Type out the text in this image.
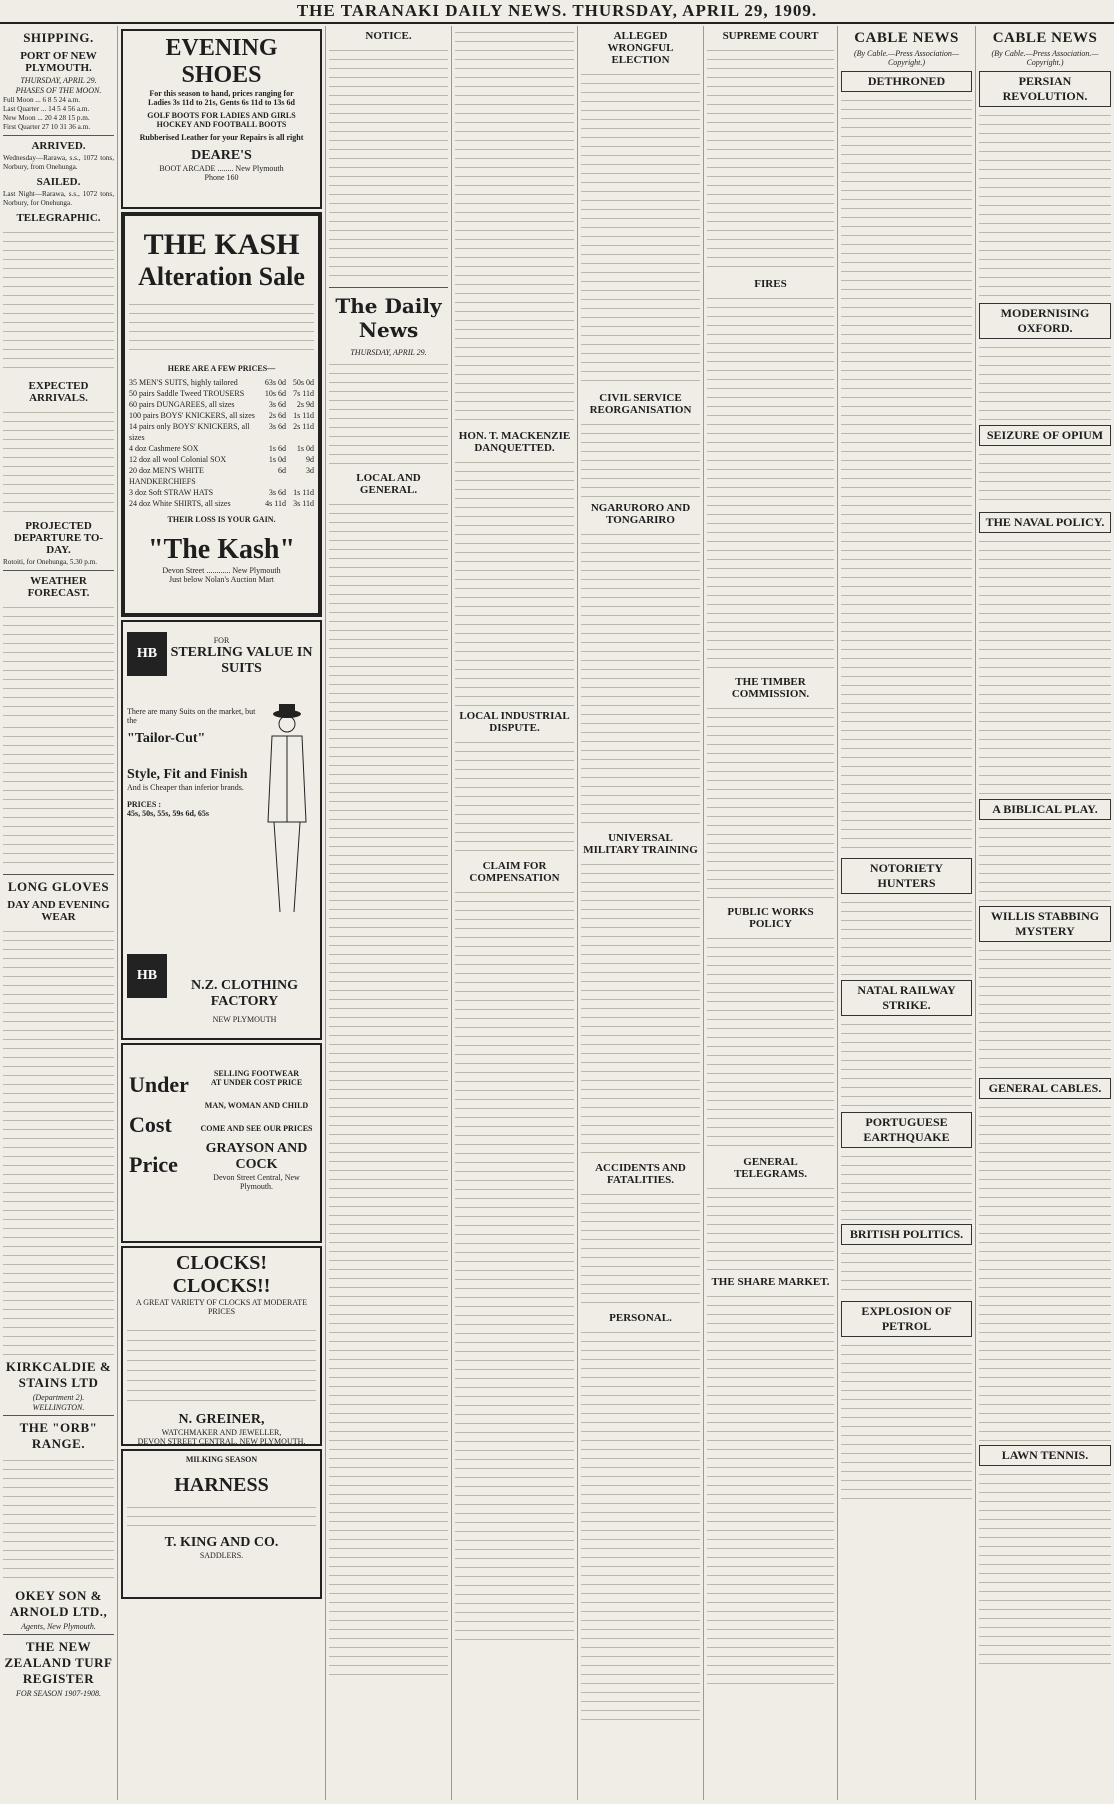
THE TARANAKI DAILY NEWS. THURSDAY, APRIL 29, 1909.
SHIPPING.
PORT OF NEW PLYMOUTH.
THURSDAY, APRIL 29.
PHASES OF THE MOON.
Full Moon ... 6 8 5 24 a.m.
Last Quarter ... 14 5 4 56 a.m.
New Moon ... 20 4 28 15 p.m.
First Quarter 27 10 31 36 a.m.
ARRIVED.
Wednesday—Rarawa, s.s., 1072 tons, Norbury, from Onehunga.
SAILED.
Last Night—Rarawa, s.s., 1072 tons, Norbury, for Onehunga.
TELEGRAPHIC.
EXPECTED ARRIVALS.
PROJECTED DEPARTURE TO-DAY.
Rotoiti, for Onehunga, 5.30 p.m.
WEATHER FORECAST.
LONG GLOVES
DAY AND EVENING WEAR
KIRKCALDIE & STAINS LTD
(Department 2).
WELLINGTON.
THE "ORB" RANGE.
OKEY SON & ARNOLD LTD.,
Agents, New Plymouth.
THE NEW ZEALAND TURF REGISTER
FOR SEASON 1907-1908.
EVENING SHOES
For this season to hand, prices ranging for
Ladies 3s 11d to 21s, Gents 6s 11d to 13s 6d
GOLF BOOTS FOR LADIES AND GIRLS
HOCKEY AND FOOTBALL BOOTS
Rubberised Leather for your Repairs is all right
DEARE'S
BOOT ARCADE ........ New Plymouth
Phone 160
THE KASH
Alteration Sale
HERE ARE A FEW PRICES—
35 MEN'S SUITS, highly tailored	63s 0d 50s 0d
50 pairs Saddle Tweed TROUSERS	10s 6d 7s 11d
60 pairs DUNGAREES, all sizes	3s 6d	2s 9d
100 pairs BOYS' KNICKERS, all sizes	2s 6d 1s 11d
14 pairs only BOYS' KNICKERS, all sizes
3s 6d 2s 11d
4 doz Cashmere SOX	1s 6d	1s 0d
12 doz all wool Colonial SOX	1s 0d	9d
20 doz MEN'S WHITE HANDKERCHIEFS
6d	3d
3 doz Soft STRAW HATS	3s 6d 1s 11d
24 doz White SHIRTS, all sizes	4s 11d 3s 11d
THEIR LOSS IS YOUR GAIN.
"The Kash"
Devon Street ............ New Plymouth
Just below Nolan's Auction Mart
HB
FOR
STERLING VALUE IN SUITS
There are many Suits on the market, but the
"Tailor-Cut"
Style, Fit and Finish
And is Cheaper than inferior brands.
PRICES :
45s, 50s, 55s, 59s 6d, 65s
HB
N.Z. CLOTHING FACTORY
NEW PLYMOUTH
Under
Cost
Price
SELLING FOOTWEAR
AT UNDER COST PRICE
MAN, WOMAN AND CHILD
COME AND SEE OUR PRICES
GRAYSON AND COCK
Devon Street Central, New Plymouth.
CLOCKS! CLOCKS!!
A GREAT VARIETY OF CLOCKS AT MODERATE PRICES
N. GREINER,
WATCHMAKER AND JEWELLER,
DEVON STREET CENTRAL, NEW PLYMOUTH.
MILKING SEASON
HARNESS
T. KING AND CO.
SADDLERS.
NOTICE.
The Daily News
THURSDAY, APRIL 29.
LOCAL AND GENERAL.
HON. T. MACKENZIE DANQUETTED.
LOCAL INDUSTRIAL DISPUTE.
CLAIM FOR COMPENSATION
ALLEGED WRONGFUL ELECTION
CIVIL SERVICE REORGANISATION
NGARURORO AND TONGARIRO
UNIVERSAL MILITARY TRAINING
ACCIDENTS AND FATALITIES.
PERSONAL.
SUPREME COURT
FIRES
THE TIMBER COMMISSION.
PUBLIC WORKS POLICY
GENERAL TELEGRAMS.
THE SHARE MARKET.
CABLE NEWS
(By Cable.—Press Association—Copyright.)
DETHRONED
NOTORIETY HUNTERS
NATAL RAILWAY STRIKE.
PORTUGUESE EARTHQUAKE
BRITISH POLITICS.
EXPLOSION OF PETROL
CABLE NEWS
(By Cable.—Press Association.—Copyright.)
PERSIAN REVOLUTION.
MODERNISING OXFORD.
SEIZURE OF OPIUM
THE NAVAL POLICY.
A BIBLICAL PLAY.
WILLIS STABBING MYSTERY
GENERAL CABLES.
LAWN TENNIS.
